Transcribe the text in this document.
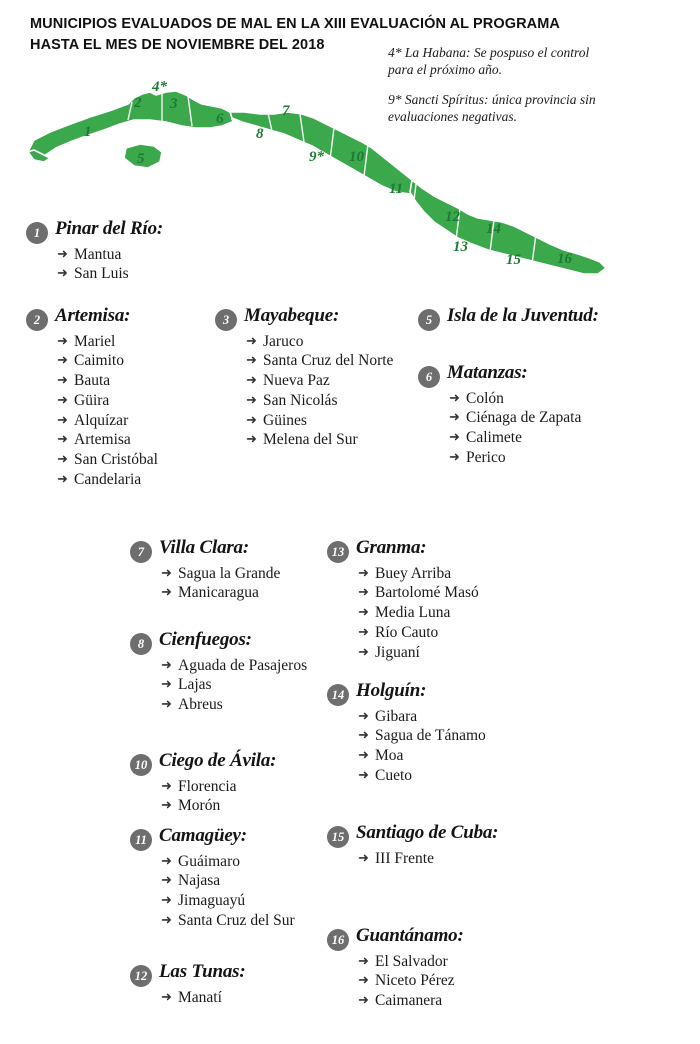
MUNICIPIOS EVALUADOS DE MAL EN LA XIII EVALUACIÓN AL PROGRAMA
HASTA EL MES DE NOVIEMBRE DEL 2018	4* La Habana: Se pospuso el control para el próximo año.
9* Sancti Spíritus: única provincia sin evaluaciones negativas.
1
2 3
4*
5
6	7
8
9* 10
11
12
13
14
15 16
1 Pinar del Río:
➜ Mantua
➜ San Luis
2 Artemisa:
➜ Mariel
➜ Caimito
➜ Bauta
➜ Güira
➜ Alquízar
➜ Artemisa
➜ San Cristóbal
➜ Candelaria
3 Mayabeque:
➜ Jaruco
➜ Santa Cruz del Norte
➜ Nueva Paz
➜ San Nicolás
➜ Güines
➜ Melena del Sur
5 Isla de la Juventud:
6 Matanzas:
➜ Colón
➜ Ciénaga de Zapata
➜ Calimete
➜ Perico
7 Villa Clara:
➜ Sagua la Grande
➜ Manicaragua
8 Cienfuegos:
➜ Aguada de Pasajeros
➜ Lajas
➜ Abreus
10 Ciego de Ávila:
➜ Florencia
➜ Morón
11 Camagüey:
➜ Guáimaro
➜ Najasa
➜ Jimaguayú
➜ Santa Cruz del Sur
12 Las Tunas:
➜ Manatí
13 Granma:
➜ Buey Arriba
➜ Bartolomé Masó
➜ Media Luna
➜ Río Cauto
➜ Jiguaní
14 Holguín:
➜ Gibara
➜ Sagua de Tánamo
➜ Moa
➜ Cueto
15 Santiago de Cuba:
➜ III Frente
16 Guantánamo:
➜ El Salvador
➜ Niceto Pérez
➜ Caimanera
